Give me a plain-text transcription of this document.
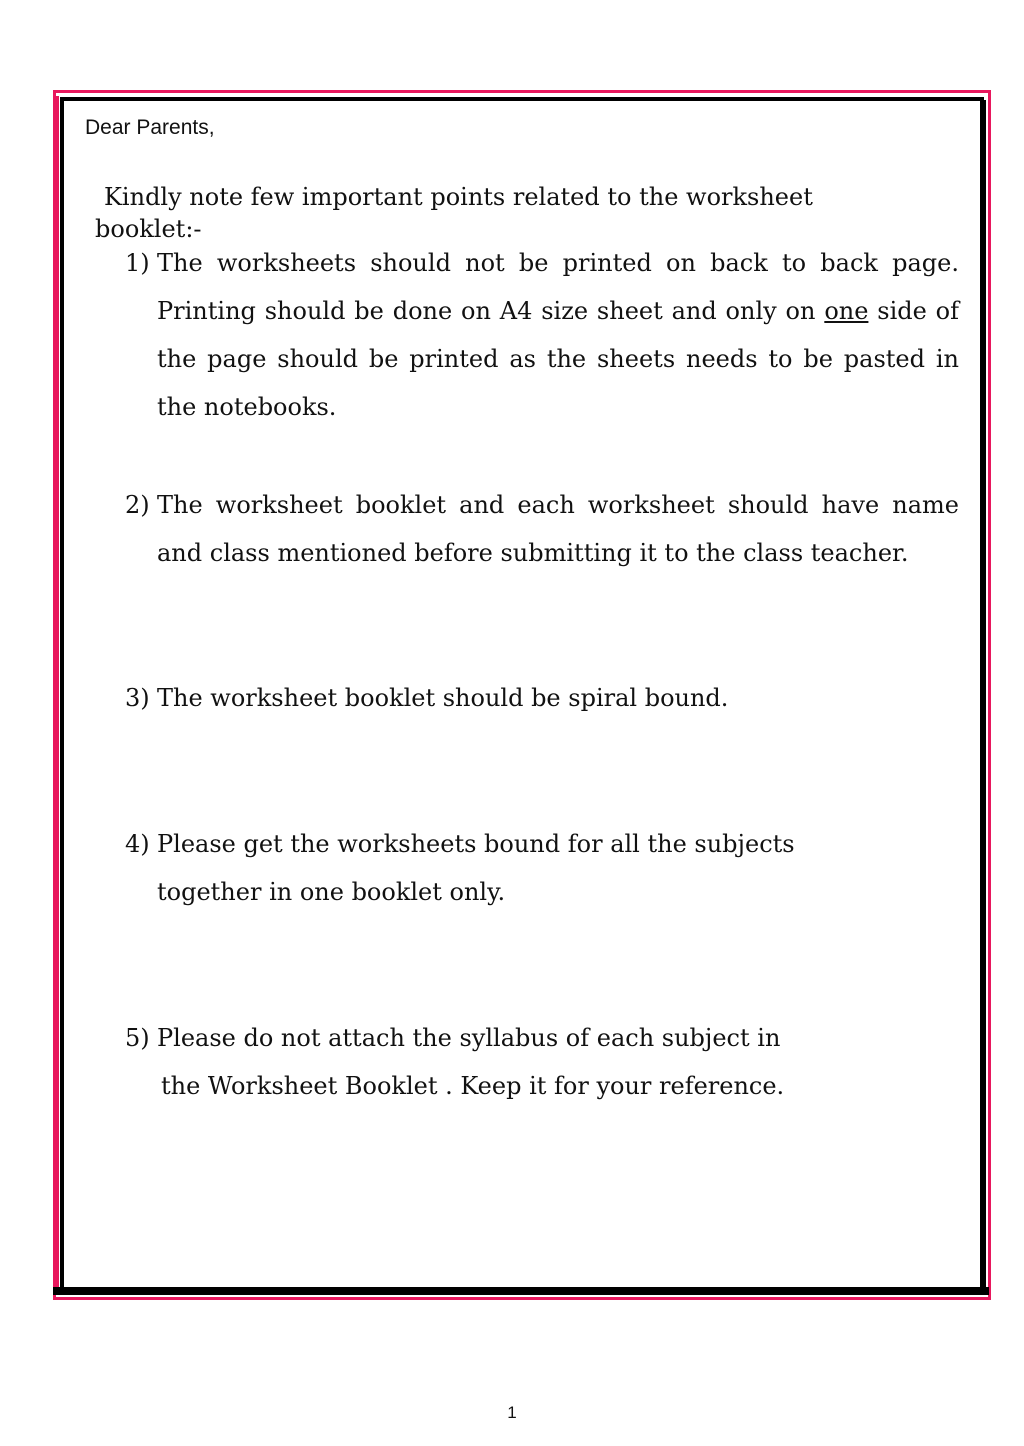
Dear Parents,

Kindly note few important points related to the worksheet
booklet:-

1) The worksheets should not be printed on back to back page. Printing should be done on A4 size sheet and only on one side of the page should be printed as the sheets needs to be pasted in the notebooks.
2) The worksheet booklet and each worksheet should have name and class mentioned before submitting it to the class teacher.
3) The worksheet booklet should be spiral bound.
4) Please get the worksheets bound for all the subjects
together in one booklet only.
5) Please do not attach the syllabus of each subject in
the Worksheet Booklet . Keep it for your reference.

1
